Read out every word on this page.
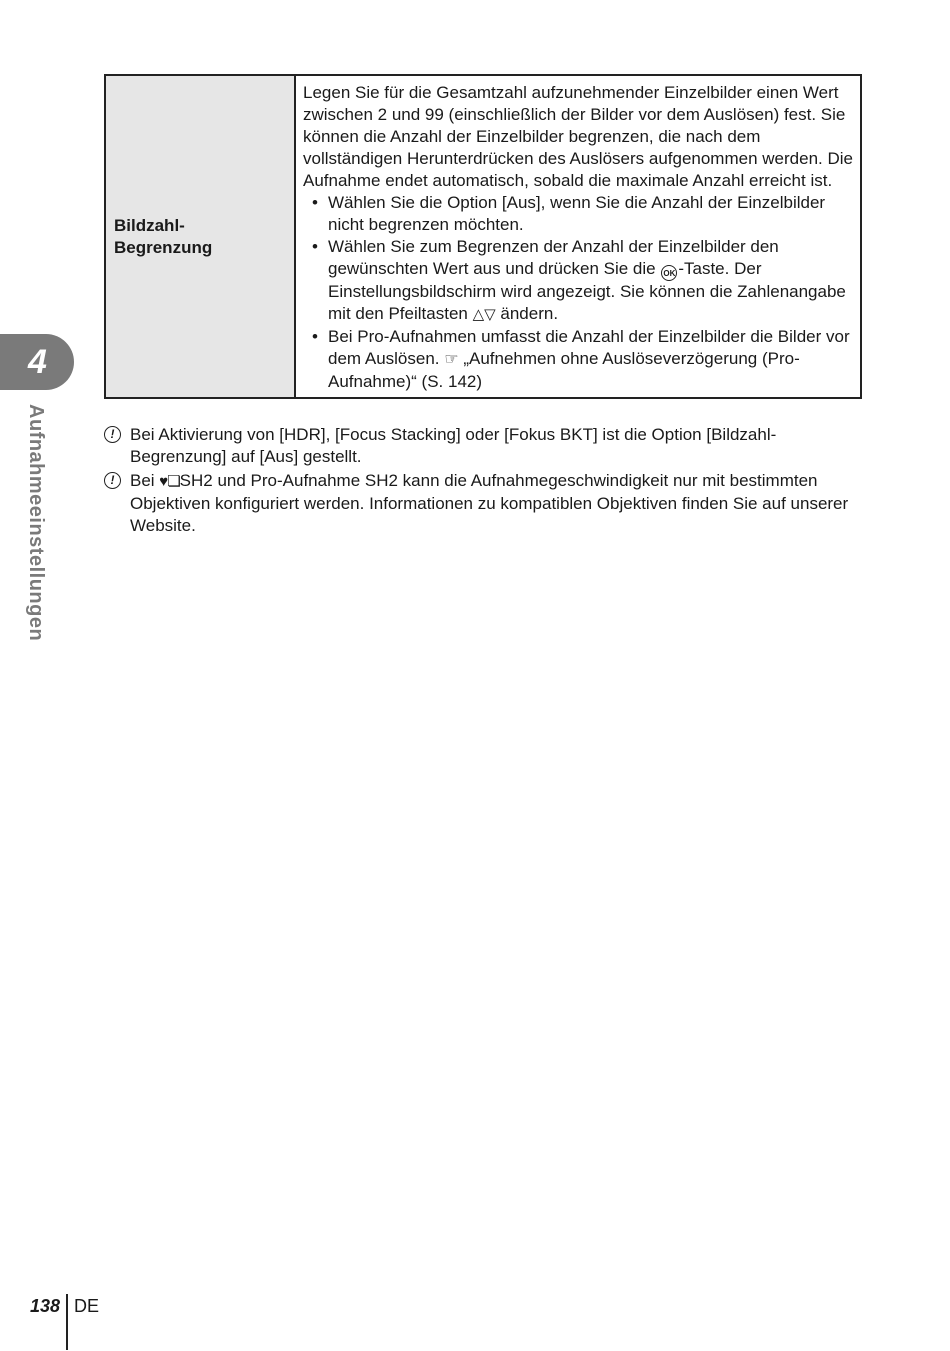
4
Aufnahmeeinstellungen
Bildzahl-
Begrenzung	

Legen Sie für die Gesamtzahl aufzunehmender Einzelbilder einen Wert zwischen 2 und 99 (einschließlich der Bilder vor dem Auslösen) fest. Sie können die Anzahl der Einzelbilder begrenzen, die nach dem vollständigen Herunterdrücken des Auslösers aufgenommen werden. Die Aufnahme endet automatisch, sobald die maximale Anzahl erreicht ist.

• Wählen Sie die Option [Aus], wenn Sie die Anzahl der Einzelbilder nicht begrenzen möchten.
• Wählen Sie zum Begrenzen der Anzahl der Einzelbilder den gewünschten Wert aus und drücken Sie die OK -Taste. Der Einstellungsbildschirm wird angezeigt. Sie können die Zahlenangabe mit den Pfeiltasten △▽ ändern.
• Bei Pro-Aufnahmen umfasst die Anzahl der Einzelbilder die Bilder vor dem Auslösen. ☞ „Aufnehmen ohne Auslöseverzögerung (Pro-Aufnahme)“ (S. 142)
! Bei Aktivierung von [HDR], [Focus Stacking] oder [Fokus BKT] ist die Option [Bildzahl-Begrenzung] auf [Aus] gestellt.
! Bei ♥❏SH2 und Pro-Aufnahme SH2 kann die Aufnahmegeschwindigkeit nur mit bestimmten Objektiven konfiguriert werden. Informationen zu kompatiblen Objektiven finden Sie auf unserer Website.
138 DE
